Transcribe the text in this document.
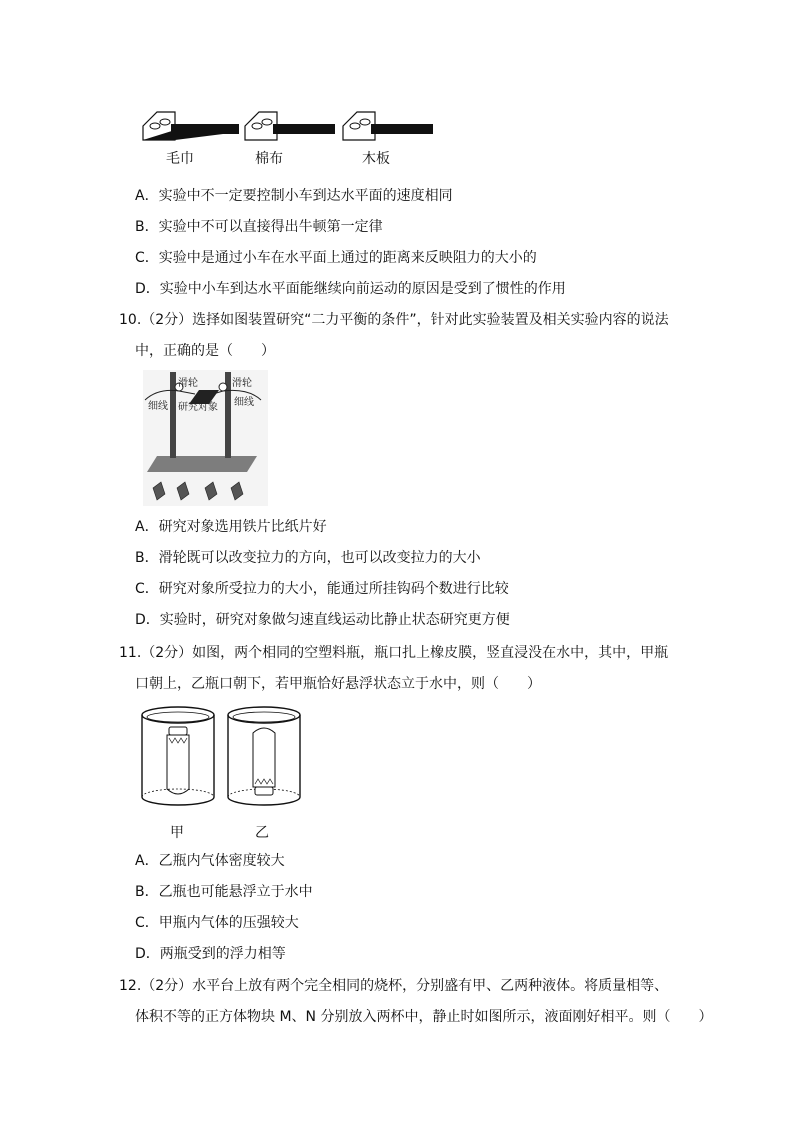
毛巾	棉布	木板
A．实验中不一定要控制小车到达水平面的速度相同
B．实验中不可以直接得出牛顿第一定律
C．实验中是通过小车在水平面上通过的距离来反映阻力的大小的
D．实验中小车到达水平面能继续向前运动的原因是受到了惯性的作用
10.（2分）选择如图装置研究“二力平衡的条件”，针对此实验装置及相关实验内容的说法
中，正确的是（　　）
滑轮	滑轮
细线	细线
研究对象
A．研究对象选用铁片比纸片好
B．滑轮既可以改变拉力的方向，也可以改变拉力的大小
C．研究对象所受拉力的大小，能通过所挂钩码个数进行比较
D．实验时，研究对象做匀速直线运动比静止状态研究更方便
11.（2分）如图，两个相同的空塑料瓶，瓶口扎上橡皮膜，竖直浸没在水中，其中，甲瓶
口朝上，乙瓶口朝下，若甲瓶恰好悬浮状态立于水中，则（　　）
甲	乙
A．乙瓶内气体密度较大
B．乙瓶也可能悬浮立于水中
C．甲瓶内气体的压强较大
D．两瓶受到的浮力相等
12.（2分）水平台上放有两个完全相同的烧杯，分别盛有甲、乙两种液体。将质量相等、
体积不等的正方体物块 M、N 分别放入两杯中，静止时如图所示，液面刚好相平。则（　　）
